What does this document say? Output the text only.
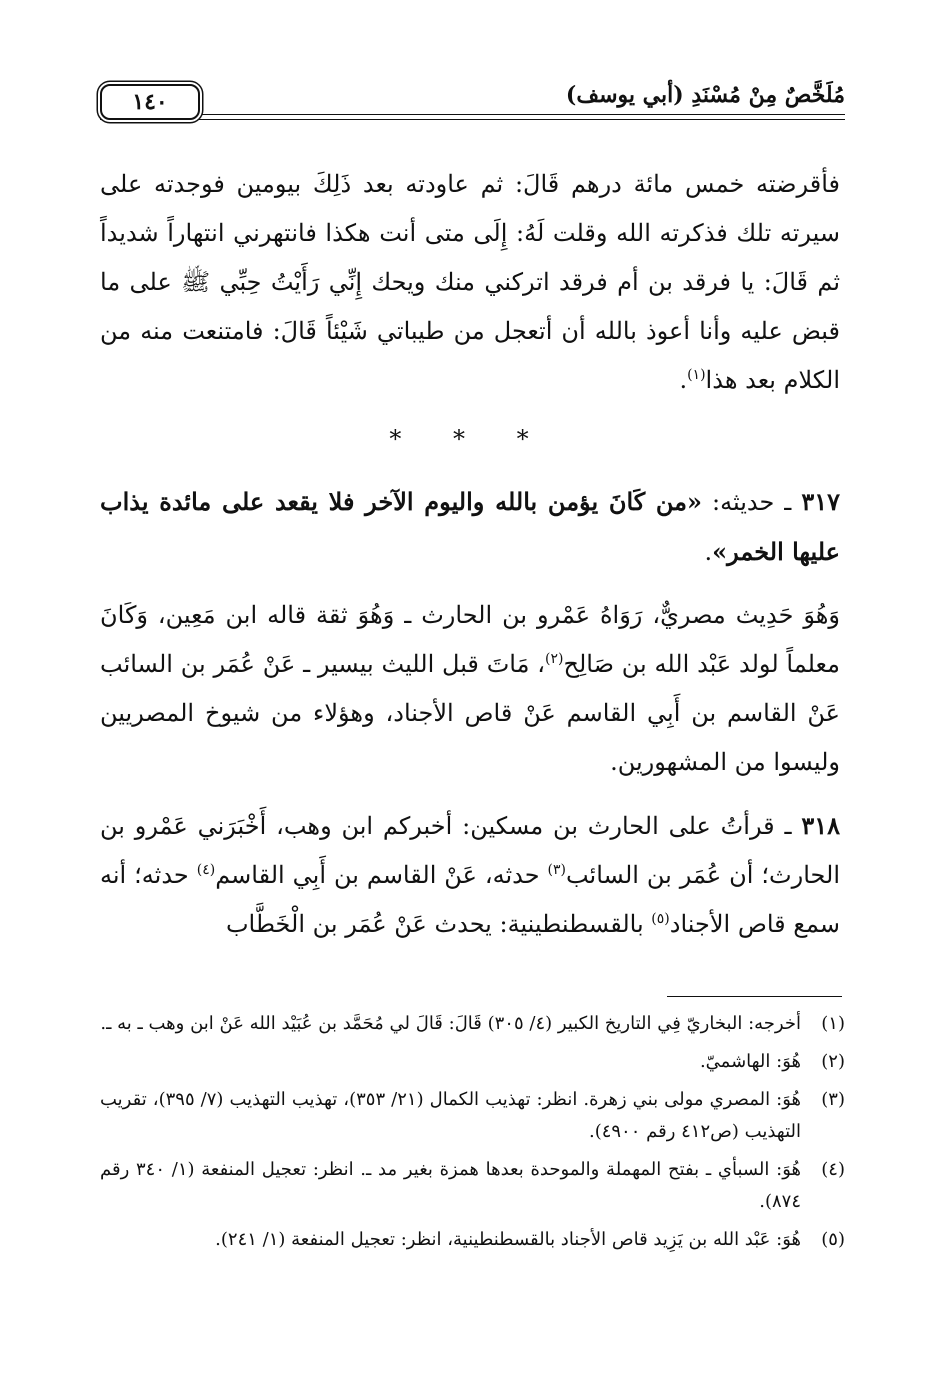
مُلَخَّصٌ مِنْ مُسْنَدِ (أبي يوسف)
١٤٠

فأقرضته خمس مائة درهم قَالَ: ثم عاودته بعد ذَلِكَ بيومين فوجدته على سيرته تلك فذكرته الله وقلت لَهُ: إِلَى متى أنت هكذا فانتهرني انتهاراً شديداً ثم قَالَ: يا فرقد بن أم فرقد اتركني منك ويحك إِنِّي رَأَيْتُ حِبِّي ﷺ على ما قبض عليه وأنا أعوذ بالله أن أتعجل من طيباتي شَيْئاً قَالَ: فامتنعت منه من الكلام بعد هذا$^{(١)}$.

* * *

٣١٧ ـ حديثه: «من كَانَ يؤمن بالله واليوم الآخر فلا يقعد على مائدة يذاب عليها الخمر».

وَهُوَ حَدِيث مصريٌّ، رَوَاهُ عَمْرو بن الحارث ـ وَهُوَ ثقة قاله ابن مَعِين، وَكَانَ معلماً لولد عَبْد الله بن صَالِح$^{(٢)}$، مَاتَ قبل الليث بيسير ـ عَنْ عُمَر بن السائب عَنْ القاسم بن أَبِي القاسم عَنْ قاص الأجناد، وهؤلاء من شيوخ المصريين وليسوا من المشهورين.

٣١٨ ـ قرأتُ على الحارث بن مسكين: أخبركم ابن وهب، أَخْبَرَني عَمْرو بن الحارث؛ أن عُمَر بن السائب$^{(٣)}$ حدثه، عَنْ القاسم بن أَبِي القاسم$^{(٤)}$ حدثه؛ أنه سمع قاص الأجناد$^{(٥)}$ بالقسطنطينية: يحدث عَنْ عُمَر بن الْخَطَّاب

(١)
أخرجه: البخاريّ فِي التاريخ الكبير (٤/ ٣٠٥) قَالَ: قَالَ لي مُحَمَّد بن عُبَيْد الله عَنْ ابن وهب ـ به ـ.
(٢)
هُوَ: الهاشميّ.
(٣)
هُوَ: المصري مولى بني زهرة. انظر: تهذيب الكمال (٢١/ ٣٥٣)، تهذيب التهذيب (٧/ ٣٩٥)، تقريب التهذيب (ص٤١٢ رقم ٤٩٠٠).
(٤)
هُوَ: السبأي ـ بفتح المهملة والموحدة بعدها همزة بغير مد ـ. انظر: تعجيل المنفعة (١/ ٣٤٠ رقم ٨٧٤).
(٥)
هُوَ: عَبْد الله بن يَزِيد قاص الأجناد بالقسطنطينية، انظر: تعجيل المنفعة (١/ ٢٤١).
